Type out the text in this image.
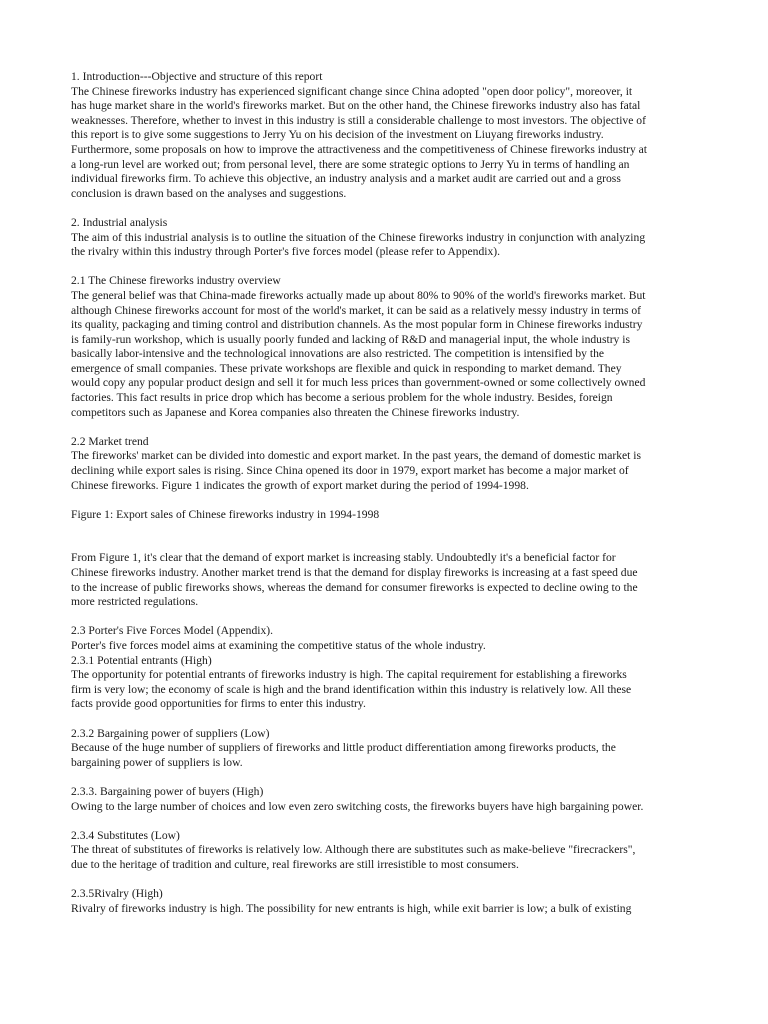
1. Introduction---Objective and structure of this report
The Chinese fireworks industry has experienced significant change since China adopted "open door policy", moreover, it
has huge market share in the world's fireworks market. But on the other hand, the Chinese fireworks industry also has fatal
weaknesses. Therefore, whether to invest in this industry is still a considerable challenge to most investors. The objective of
this report is to give some suggestions to Jerry Yu on his decision of the investment on Liuyang fireworks industry.
Furthermore, some proposals on how to improve the attractiveness and the competitiveness of Chinese fireworks industry at
a long-run level are worked out; from personal level, there are some strategic options to Jerry Yu in terms of handling an
individual fireworks firm. To achieve this objective, an industry analysis and a market audit are carried out and a gross
conclusion is drawn based on the analyses and suggestions.
2. Industrial analysis
The aim of this industrial analysis is to outline the situation of the Chinese fireworks industry in conjunction with analyzing
the rivalry within this industry through Porter's five forces model (please refer to Appendix).
2.1 The Chinese fireworks industry overview
The general belief was that China-made fireworks actually made up about 80% to 90% of the world's fireworks market. But
although Chinese fireworks account for most of the world's market, it can be said as a relatively messy industry in terms of
its quality, packaging and timing control and distribution channels. As the most popular form in Chinese fireworks industry
is family-run workshop, which is usually poorly funded and lacking of R&D and managerial input, the whole industry is
basically labor-intensive and the technological innovations are also restricted. The competition is intensified by the
emergence of small companies. These private workshops are flexible and quick in responding to market demand. They
would copy any popular product design and sell it for much less prices than government-owned or some collectively owned
factories. This fact results in price drop which has become a serious problem for the whole industry. Besides, foreign
competitors such as Japanese and Korea companies also threaten the Chinese fireworks industry.
2.2 Market trend
The fireworks' market can be divided into domestic and export market. In the past years, the demand of domestic market is
declining while export sales is rising. Since China opened its door in 1979, export market has become a major market of
Chinese fireworks. Figure 1 indicates the growth of export market during the period of 1994-1998.
Figure 1: Export sales of Chinese fireworks industry in 1994-1998
From Figure 1, it's clear that the demand of export market is increasing stably. Undoubtedly it's a beneficial factor for
Chinese fireworks industry. Another market trend is that the demand for display fireworks is increasing at a fast speed due
to the increase of public fireworks shows, whereas the demand for consumer fireworks is expected to decline owing to the
more restricted regulations.
2.3 Porter's Five Forces Model (Appendix).
Porter's five forces model aims at examining the competitive status of the whole industry.
2.3.1 Potential entrants (High)
The opportunity for potential entrants of fireworks industry is high. The capital requirement for establishing a fireworks
firm is very low; the economy of scale is high and the brand identification within this industry is relatively low. All these
facts provide good opportunities for firms to enter this industry.
2.3.2 Bargaining power of suppliers (Low)
Because of the huge number of suppliers of fireworks and little product differentiation among fireworks products, the
bargaining power of suppliers is low.
2.3.3. Bargaining power of buyers (High)
Owing to the large number of choices and low even zero switching costs, the fireworks buyers have high bargaining power.
2.3.4 Substitutes (Low)
The threat of substitutes of fireworks is relatively low. Although there are substitutes such as make-believe "firecrackers",
due to the heritage of tradition and culture, real fireworks are still irresistible to most consumers.
2.3.5Rivalry (High)
Rivalry of fireworks industry is high. The possibility for new entrants is high, while exit barrier is low; a bulk of existing
